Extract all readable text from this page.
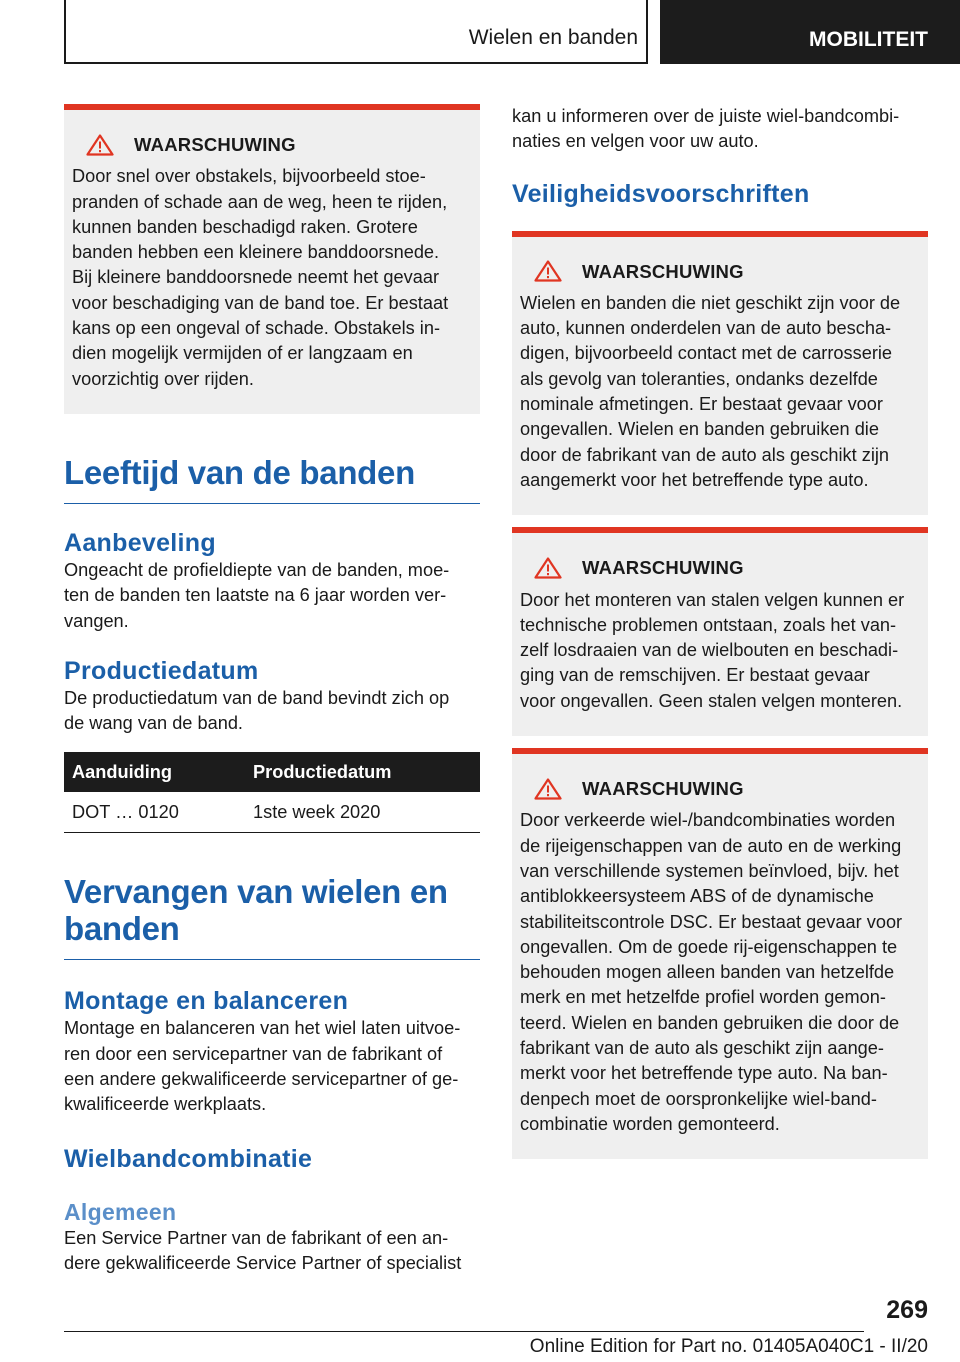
Wielen en banden	MOBILITEIT
WAARSCHUWING
Door snel over obstakels, bijvoorbeeld stoe-
pranden of schade aan de weg, heen te rijden,
kunnen banden beschadigd raken. Grotere
banden hebben een kleinere banddoorsnede.
Bij kleinere banddoorsnede neemt het gevaar
voor beschadiging van de band toe. Er bestaat
kans op een ongeval of schade. Obstakels in-
dien mogelijk vermijden of er langzaam en
voorzichtig over rijden.
Leeftijd van de banden
Aanbeveling

Ongeacht de profieldiepte van de banden, moe-
ten de banden ten laatste na 6 jaar worden ver-
vangen.

Productiedatum

De productiedatum van de band bevindt zich op
de wang van de band.

Aanduiding	Productiedatum
DOT … 0120	1ste week 2020
Vervangen van wielen en
banden
Montage en balanceren

Montage en balanceren van het wiel laten uitvoe-
ren door een servicepartner van de fabrikant of
een andere gekwalificeerde servicepartner of ge-
kwalificeerde werkplaats.

Wielbandcombinatie
Algemeen

Een Service Partner van de fabrikant of een an-
dere gekwalificeerde Service Partner of specialist

kan u informeren over de juiste wiel-bandcombi-
naties en velgen voor uw auto.

Veiligheidsvoorschriften
WAARSCHUWING
Wielen en banden die niet geschikt zijn voor de
auto, kunnen onderdelen van de auto bescha-
digen, bijvoorbeeld contact met de carrosserie
als gevolg van toleranties, ondanks dezelfde
nominale afmetingen. Er bestaat gevaar voor
ongevallen. Wielen en banden gebruiken die
door de fabrikant van de auto als geschikt zijn
aangemerkt voor het betreffende type auto.
WAARSCHUWING
Door het monteren van stalen velgen kunnen er
technische problemen ontstaan, zoals het van-
zelf losdraaien van de wielbouten en beschadi-
ging van de remschijven. Er bestaat gevaar
voor ongevallen. Geen stalen velgen monteren.
WAARSCHUWING
Door verkeerde wiel-/bandcombinaties worden
de rijeigenschappen van de auto en de werking
van verschillende systemen beïnvloed, bijv. het
antiblokkeersysteem ABS of de dynamische
stabiliteitscontrole DSC. Er bestaat gevaar voor
ongevallen. Om de goede rij-eigenschappen te
behouden mogen alleen banden van hetzelfde
merk en met hetzelfde profiel worden gemon-
teerd. Wielen en banden gebruiken die door de
fabrikant van de auto als geschikt zijn aange-
merkt voor het betreffende type auto. Na ban-
denpech moet de oorspronkelijke wiel-band-
combinatie worden gemonteerd.
269
Online Edition for Part no. 01405A040C1 - II/20
